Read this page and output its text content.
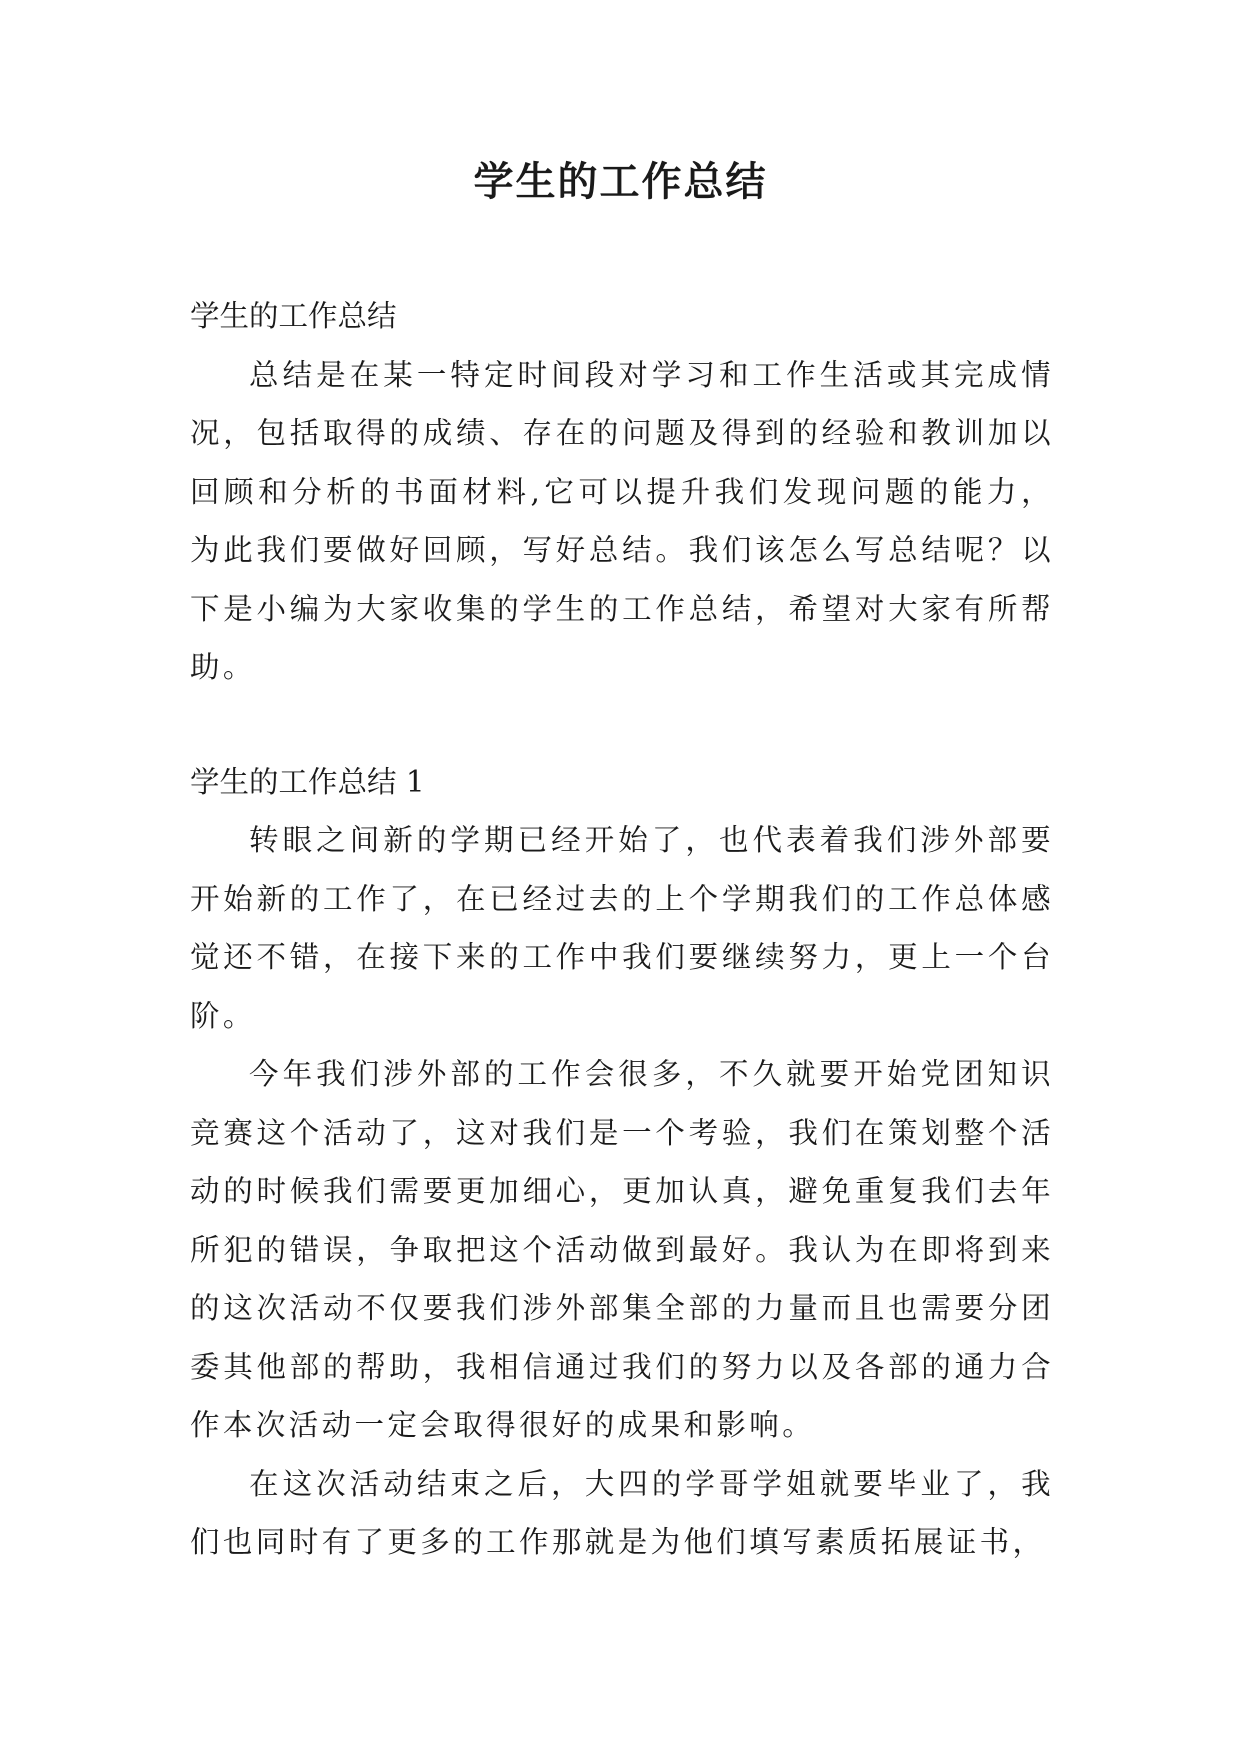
学生的工作总结
学生的工作总结

总结是在某一特定时间段对学习和工作生活或其完成情况，包括取得的成绩、存在的问题及得到的经验和教训加以回顾和分析的书面材料,它可以提升我们发现问题的能力，为此我们要做好回顾，写好总结。我们该怎么写总结呢？以下是小编为大家收集的学生的工作总结，希望对大家有所帮助。

学生的工作总结 1

转眼之间新的学期已经开始了，也代表着我们涉外部要开始新的工作了，在已经过去的上个学期我们的工作总体感觉还不错，在接下来的工作中我们要继续努力，更上一个台阶。

今年我们涉外部的工作会很多，不久就要开始党团知识竞赛这个活动了，这对我们是一个考验，我们在策划整个活动的时候我们需要更加细心，更加认真，避免重复我们去年所犯的错误，争取把这个活动做到最好。我认为在即将到来的这次活动不仅要我们涉外部集全部的力量而且也需要分团委其他部的帮助，我相信通过我们的努力以及各部的通力合作本次活动一定会取得很好的成果和影响。

在这次活动结束之后，大四的学哥学姐就要毕业了，我们也同时有了更多的工作那就是为他们填写素质拓展证书，
